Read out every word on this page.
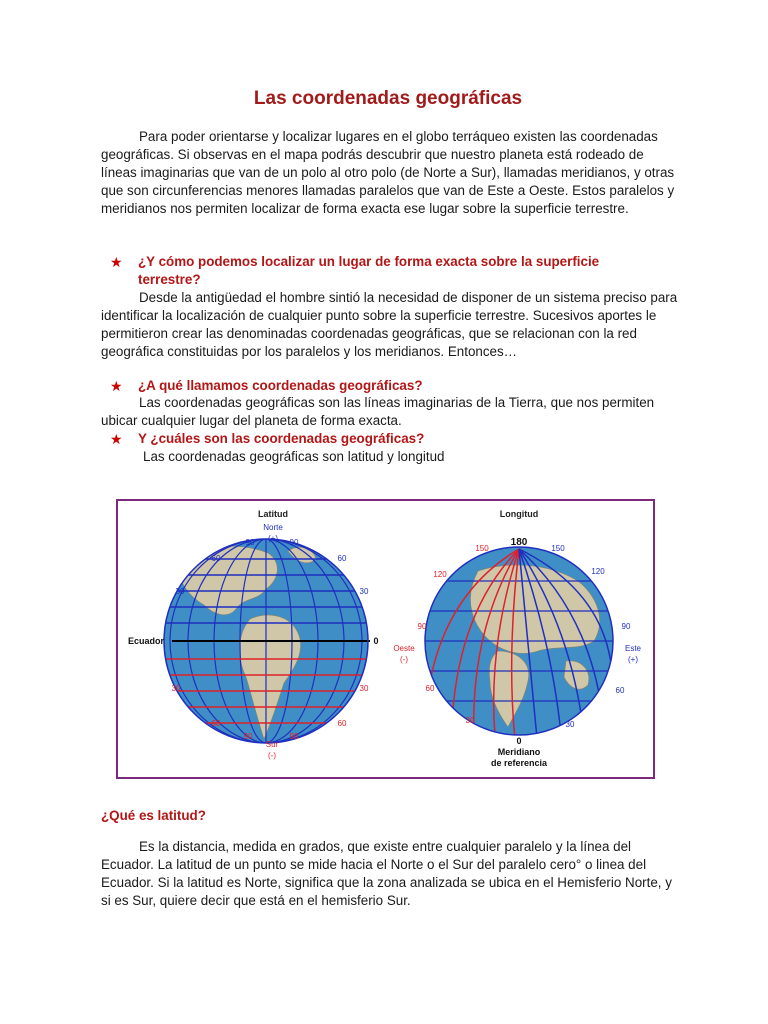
Las coordenadas geográficas
Para poder orientarse y localizar lugares en el globo terráqueo existen las coordenadas geográficas. Si observas en el mapa podrás descubrir que nuestro planeta está rodeado de líneas imaginarias que van de un polo al otro polo (de Norte a Sur), llamadas meridianos, y otras que son circunferencias menores llamadas paralelos que van de Este a Oeste. Estos paralelos y meridianos nos permiten localizar de forma exacta ese lugar sobre la superficie terrestre.
★	¿Y cómo podemos localizar un lugar de forma exacta sobre la superficie terrestre?
Desde la antigüedad el hombre sintió la necesidad de disponer de un sistema preciso para identificar la localización de cualquier punto sobre la superficie terrestre. Sucesivos aportes le permitieron crear las denominadas coordenadas geográficas, que se relacionan con la red geográfica constituidas por los paralelos y los meridianos. Entonces…
★	¿A qué llamamos coordenadas geográficas?
Las coordenadas geográficas son las líneas imaginarias de la Tierra, que nos permiten ubicar cualquier lugar del planeta de forma exacta.
★	Y ¿cuáles son las coordenadas geográficas?
Las coordenadas geográficas son latitud y longitud
Latitud
Norte
(+)
90	90
60	60
30	30
Ecuador	0
30	30
60	60
90	90
Sur
(-)
Longitud
180
150	150
120	120
90	90
Oeste
(-)
Este
(+)
60	60
30	30
0
Meridiano
de referencia
¿Qué es latitud?
Es la distancia, medida en grados, que existe entre cualquier paralelo y la línea del Ecuador. La latitud de un punto se mide hacia el Norte o el Sur del paralelo cero° o linea del Ecuador. Si la latitud es Norte, significa que la zona analizada se ubica en el Hemisferio Norte, y si es Sur, quiere decir que está en el hemisferio Sur.
